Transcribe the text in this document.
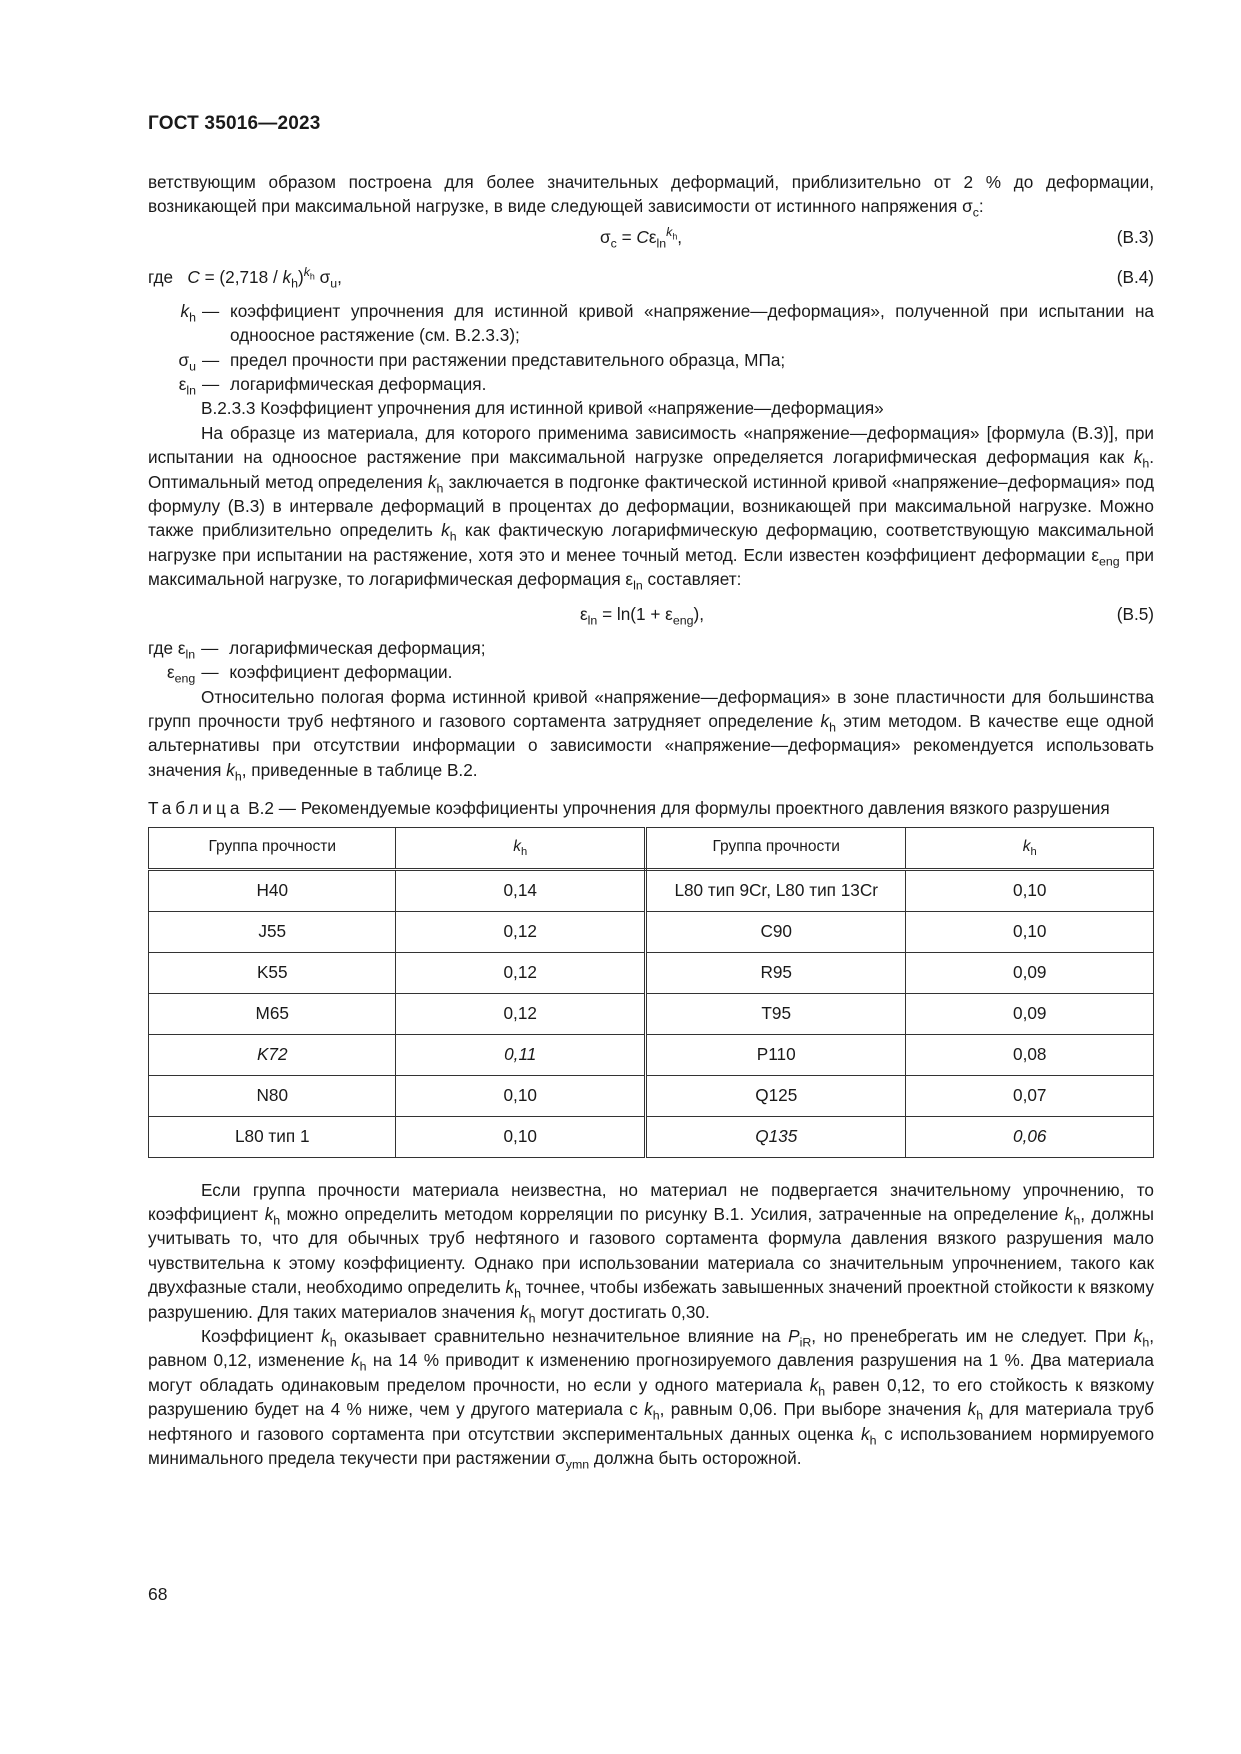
ГОСТ 35016—2023

ветствующим образом построена для более значительных деформаций, приблизительно от 2 % до деформации, возникающей при максимальной нагрузке, в виде следующей зависимости от истинного напряжения $\sigma_c$:

$\sigma_c = C\varepsilon_{ln}^{k_h}$,	(B.3)
где $C = (2,718 / k_h)^{k_h}$ $\sigma_u$,	(B.4)
$k_h$ — коэффициент упрочнения для истинной кривой «напряжение—деформация», полученной при испытании на одноосное растяжение (см. B.2.3.3);
$\sigma_u$ — предел прочности при растяжении представительного образца, МПа;
$\varepsilon_{ln}$ — логарифмическая деформация.

B.2.3.3 Коэффициент упрочнения для истинной кривой «напряжение—деформация»

На образце из материала, для которого применима зависимость «напряжение—деформация» [формула (B.3)], при испытании на одноосное растяжение при максимальной нагрузке определяется логарифмическая деформация как $k_h$. Оптимальный метод определения $k_h$ заключается в подгонке фактической истинной кривой «напряжение–деформация» под формулу (B.3) в интервале деформаций в процентах до деформации, возникающей при максимальной нагрузке. Можно также приблизительно определить $k_h$ как фактическую логарифмическую деформацию, соответствующую максимальной нагрузке при испытании на растяжение, хотя это и менее точный метод. Если известен коэффициент деформации $\varepsilon_{eng}$ при максимальной нагрузке, то логарифмическая деформация $\varepsilon_{ln}$ составляет:

$\varepsilon_{ln} = \ln(1 + \varepsilon_{eng})$,	(B.5)
где $\varepsilon_{ln}$ — логарифмическая деформация;
$\varepsilon_{eng}$ — коэффициент деформации.

Относительно пологая форма истинной кривой «напряжение—деформация» в зоне пластичности для большинства групп прочности труб нефтяного и газового сортамента затрудняет определение $k_h$ этим методом. В качестве еще одной альтернативы при отсутствии информации о зависимости «напряжение—деформация» рекомендуется использовать значения $k_h$, приведенные в таблице B.2.

Таблица B.2 — Рекомендуемые коэффициенты упрочнения для формулы проектного давления вязкого разрушения

Группа прочности	$k_h$	Группа прочности	$k_h$
H40	0,14	L80 тип 9Cr, L80 тип 13Cr	0,10
J55	0,12	C90	0,10
K55	0,12	R95	0,09
M65	0,12	T95	0,09
K72	0,11	P110	0,08
N80	0,10	Q125	0,07
L80 тип 1	0,10	Q135	0,06

Если группа прочности материала неизвестна, но материал не подвергается значительному упрочнению, то коэффициент $k_h$ можно определить методом корреляции по рисунку B.1. Усилия, затраченные на определение $k_h$, должны учитывать то, что для обычных труб нефтяного и газового сортамента формула давления вязкого разрушения мало чувствительна к этому коэффициенту. Однако при использовании материала со значительным упрочнением, такого как двухфазные стали, необходимо определить $k_h$ точнее, чтобы избежать завышенных значений проектной стойкости к вязкому разрушению. Для таких материалов значения $k_h$ могут достигать 0,30.

Коэффициент $k_h$ оказывает сравнительно незначительное влияние на $P_{iR}$, но пренебрегать им не следует. При $k_h$, равном 0,12, изменение $k_h$ на 14 % приводит к изменению прогнозируемого давления разрушения на 1 %. Два материала могут обладать одинаковым пределом прочности, но если у одного материала $k_h$ равен 0,12, то его стойкость к вязкому разрушению будет на 4 % ниже, чем у другого материала с $k_h$, равным 0,06. При выборе значения $k_h$ для материала труб нефтяного и газового сортамента при отсутствии экспериментальных данных оценка $k_h$ с использованием нормируемого минимального предела текучести при растяжении $\sigma_{ymn}$ должна быть осторожной.

68
